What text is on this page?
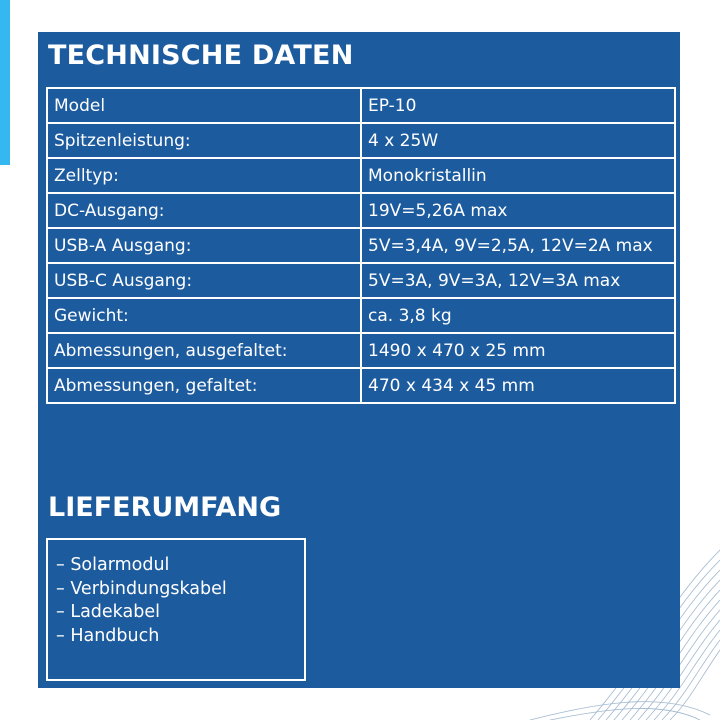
TECHNISCHE DATEN
Model	EP-10
Spitzenleistung:	4 x 25W
Zelltyp:	Monokristallin
DC-Ausgang:	19V=5,26A max
USB-A Ausgang:	5V=3,4A, 9V=2,5A, 12V=2A max
USB-C Ausgang:	5V=3A, 9V=3A, 12V=3A max
Gewicht:	ca. 3,8 kg
Abmessungen, ausgefaltet:	1490 x 470 x 25 mm
Abmessungen, gefaltet:	470 x 434 x 45 mm
LIEFERUMFANG
– Solarmodul
– Verbindungskabel
– Ladekabel
– Handbuch
